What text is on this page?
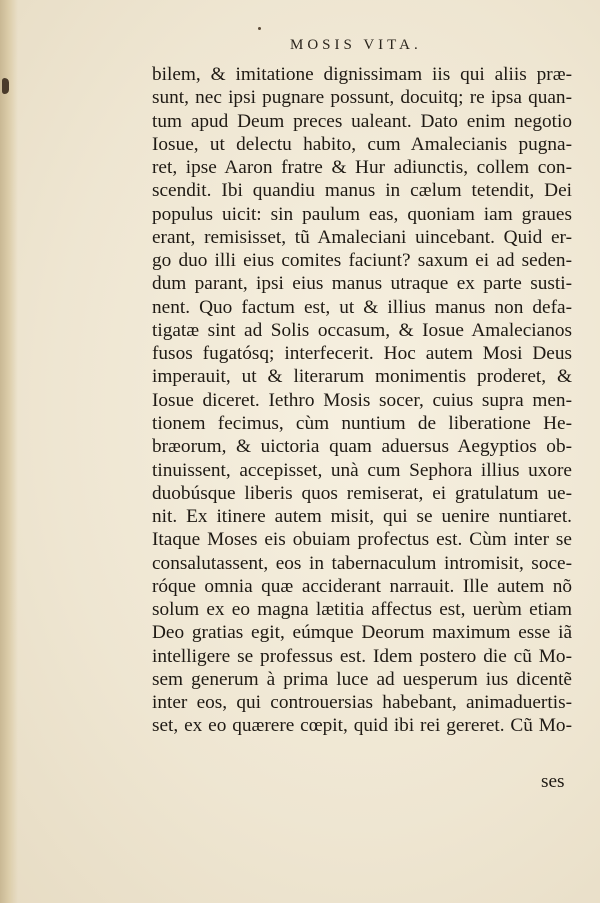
MOSIS VITA.
bilem, & imitatione dignissimam iis qui aliis præ-
sunt, nec ipsi pugnare possunt, docuitq; re ipsa quan-
tum apud Deum preces ualeant. Dato enim negotio
Iosue, ut delectu habito, cum Amalecianis pugna-
ret, ipse Aaron fratre & Hur adiunctis, collem con-
scendit. Ibi quandiu manus in cælum tetendit, Dei
populus uicit: sin paulum eas, quoniam iam graues
erant, remisisset, tũ Amaleciani uincebant. Quid er-
go duo illi eius comites faciunt? saxum ei ad seden-
dum parant, ipsi eius manus utraque ex parte susti-
nent. Quo factum est, ut & illius manus non defa-
tigatæ sint ad Solis occasum, & Iosue Amalecianos
fusos fugatósq; interfecerit. Hoc autem Mosi Deus
imperauit, ut & literarum monimentis proderet, &
Iosue diceret. Iethro Mosis socer, cuius supra men-
tionem fecimus, cùm nuntium de liberatione He-
bræorum, & uictoria quam aduersus Aegyptios ob-
tinuissent, accepisset, unà cum Sephora illius uxore
duobúsque liberis quos remiserat, ei gratulatum ue-
nit. Ex itinere autem misit, qui se uenire nuntiaret.
Itaque Moses eis obuiam profectus est. Cùm inter se
consalutassent, eos in tabernaculum intromisit, soce-
róque omnia quæ acciderant narrauit. Ille autem nõ
solum ex eo magna lætitia affectus est, uerùm etiam
Deo gratias egit, eúmque Deorum maximum esse iã
intelligere se professus est. Idem postero die cũ Mo-
sem generum à prima luce ad uesperum ius dicentẽ
inter eos, qui controuersias habebant, animaduertis-
set, ex eo quærere cœpit, quid ibi rei gereret. Cũ Mo-
ses
